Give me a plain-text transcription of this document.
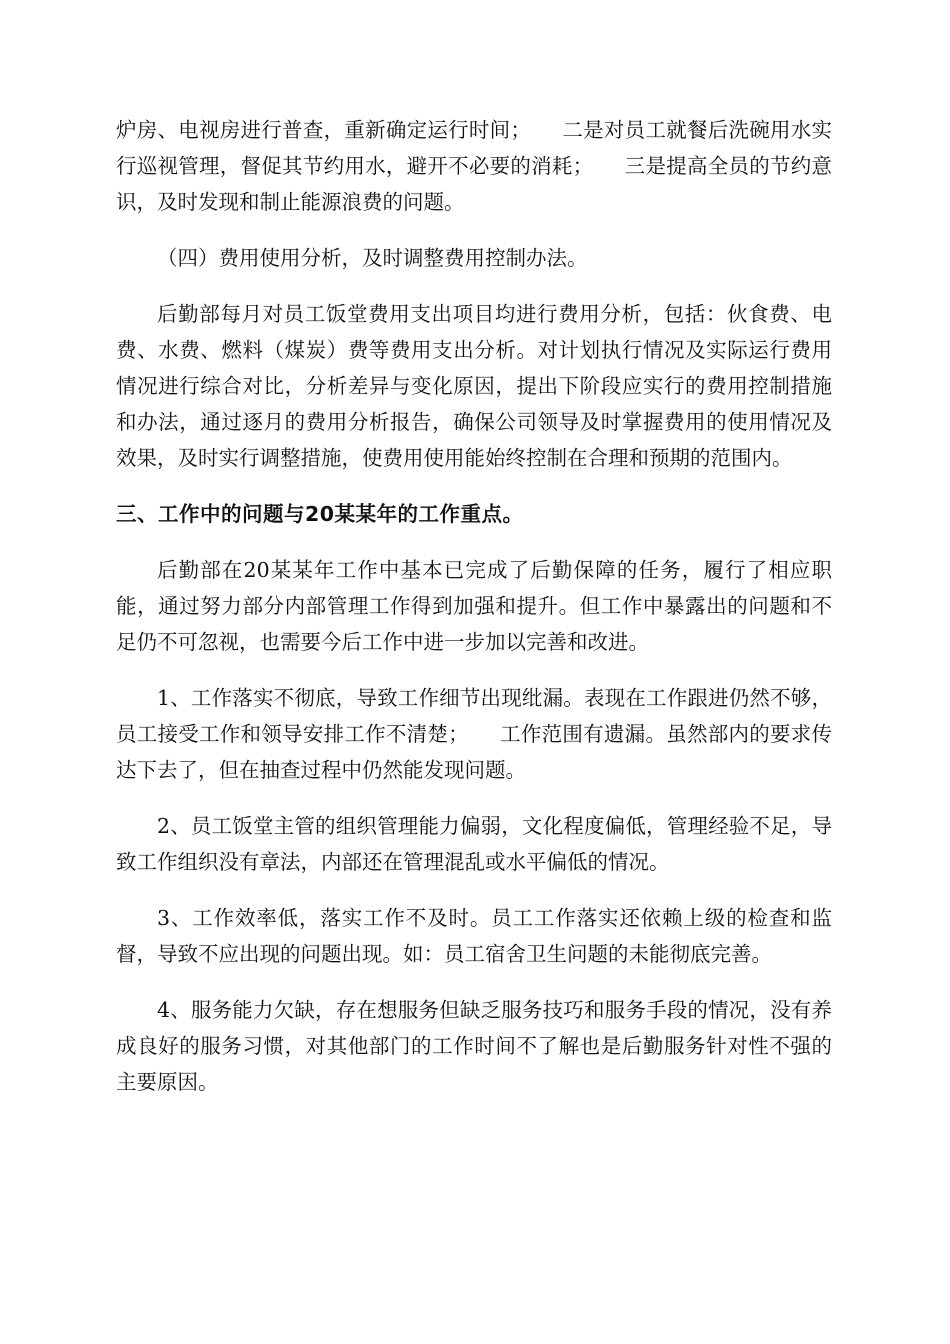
炉房、电视房进行普查，重新确定运行时间；　　二是对员工就餐后洗碗用水实行巡视管理，督促其节约用水，避开不必要的消耗；　　三是提高全员的节约意识，及时发现和制止能源浪费的问题。

（四）费用使用分析，及时调整费用控制办法。

后勤部每月对员工饭堂费用支出项目均进行费用分析，包括：伙食费、电费、水费、燃料（煤炭）费等费用支出分析。对计划执行情况及实际运行费用情况进行综合对比，分析差异与变化原因，提出下阶段应实行的费用控制措施和办法，通过逐月的费用分析报告，确保公司领导及时掌握费用的使用情况及效果，及时实行调整措施，使费用使用能始终控制在合理和预期的范围内。

三、工作中的问题与20某某年的工作重点。

后勤部在20某某年工作中基本已完成了后勤保障的任务，履行了相应职能，通过努力部分内部管理工作得到加强和提升。但工作中暴露出的问题和不足仍不可忽视，也需要今后工作中进一步加以完善和改进。

1、工作落实不彻底，导致工作细节出现纰漏。表现在工作跟进仍然不够，员工接受工作和领导安排工作不清楚；　　工作范围有遗漏。虽然部内的要求传达下去了，但在抽查过程中仍然能发现问题。

2、员工饭堂主管的组织管理能力偏弱，文化程度偏低，管理经验不足，导致工作组织没有章法，内部还在管理混乱或水平偏低的情况。

3、工作效率低，落实工作不及时。员工工作落实还依赖上级的检查和监督，导致不应出现的问题出现。如：员工宿舍卫生问题的未能彻底完善。

4、服务能力欠缺，存在想服务但缺乏服务技巧和服务手段的情况，没有养成良好的服务习惯，对其他部门的工作时间不了解也是后勤服务针对性不强的主要原因。
